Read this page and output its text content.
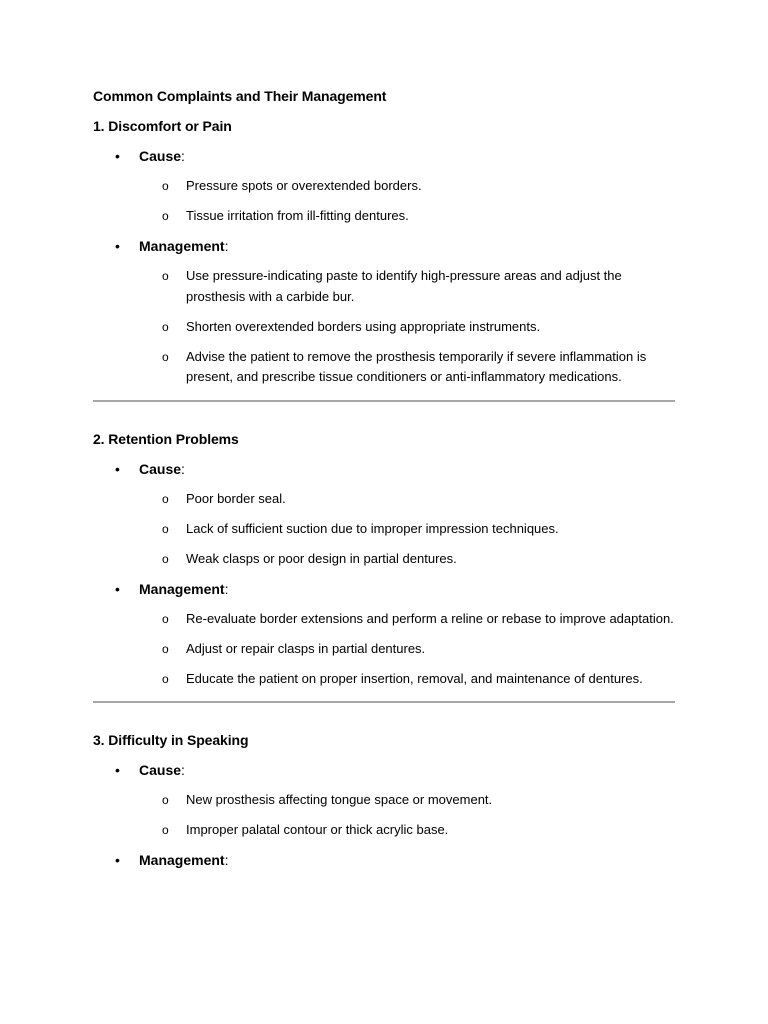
Common Complaints and Their Management
1. Discomfort or Pain
• Cause:
o Pressure spots or overextended borders.
o Tissue irritation from ill-fitting dentures.
• Management:
o Use pressure-indicating paste to identify high-pressure areas and adjust the prosthesis with a carbide bur.
o Shorten overextended borders using appropriate instruments.
o Advise the patient to remove the prosthesis temporarily if severe inflammation is present, and prescribe tissue conditioners or anti-inflammatory medications.
2. Retention Problems
• Cause:
o Poor border seal.
o Lack of sufficient suction due to improper impression techniques.
o Weak clasps or poor design in partial dentures.
• Management:
o Re-evaluate border extensions and perform a reline or rebase to improve adaptation.
o Adjust or repair clasps in partial dentures.
o Educate the patient on proper insertion, removal, and maintenance of dentures.
3. Difficulty in Speaking
• Cause:
o New prosthesis affecting tongue space or movement.
o Improper palatal contour or thick acrylic base.
• Management:
